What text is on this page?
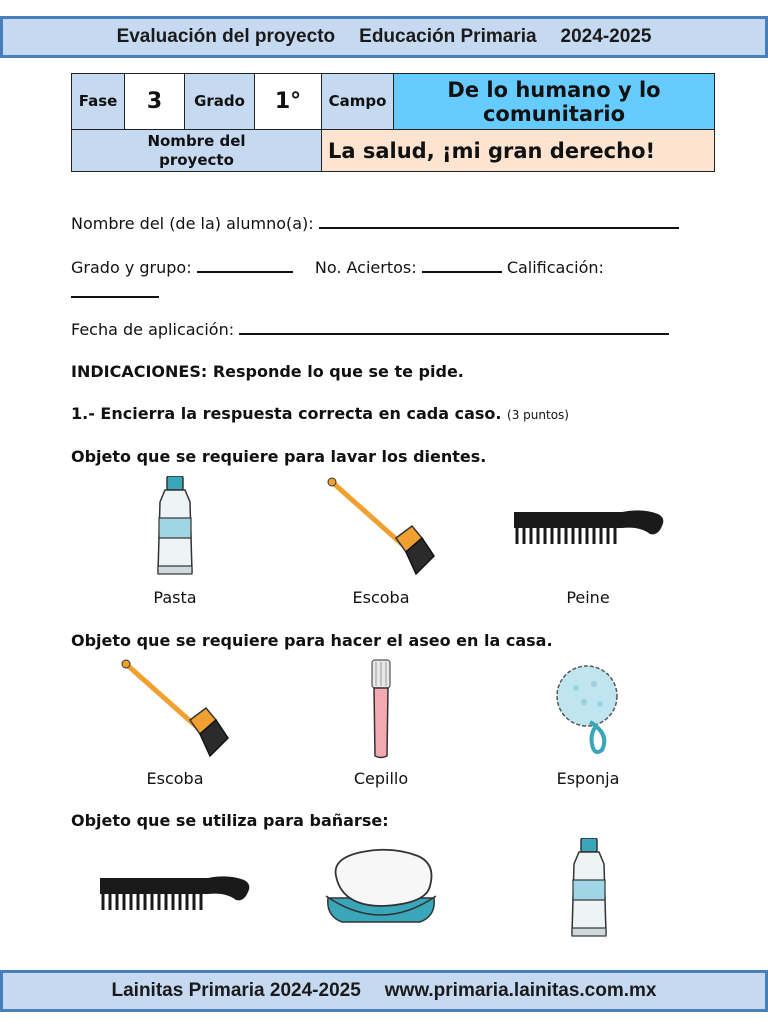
Evaluación del proyecto Educación Primaria 2024-2025
Fase	3	Grado	1°	Campo	De lo humano y lo comunitario
Nombre del proyecto				La salud, ¡mi gran derecho!	
Nombre del (de la) alumno(a):
Grado y grupo:	No. Aciertos:	Calificación:
Fecha de aplicación:
INDICACIONES: Responde lo que se te pide.
1.- Encierra la respuesta correcta en cada caso. (3 puntos)
Objeto que se requiere para lavar los dientes.
Pasta	Escoba	Peine
Objeto que se requiere para hacer el aseo en la casa.
Escoba	Cepillo	Esponja
Objeto que se utiliza para bañarse:
Lainitas Primaria 2024-2025 www.primaria.lainitas.com.mx
